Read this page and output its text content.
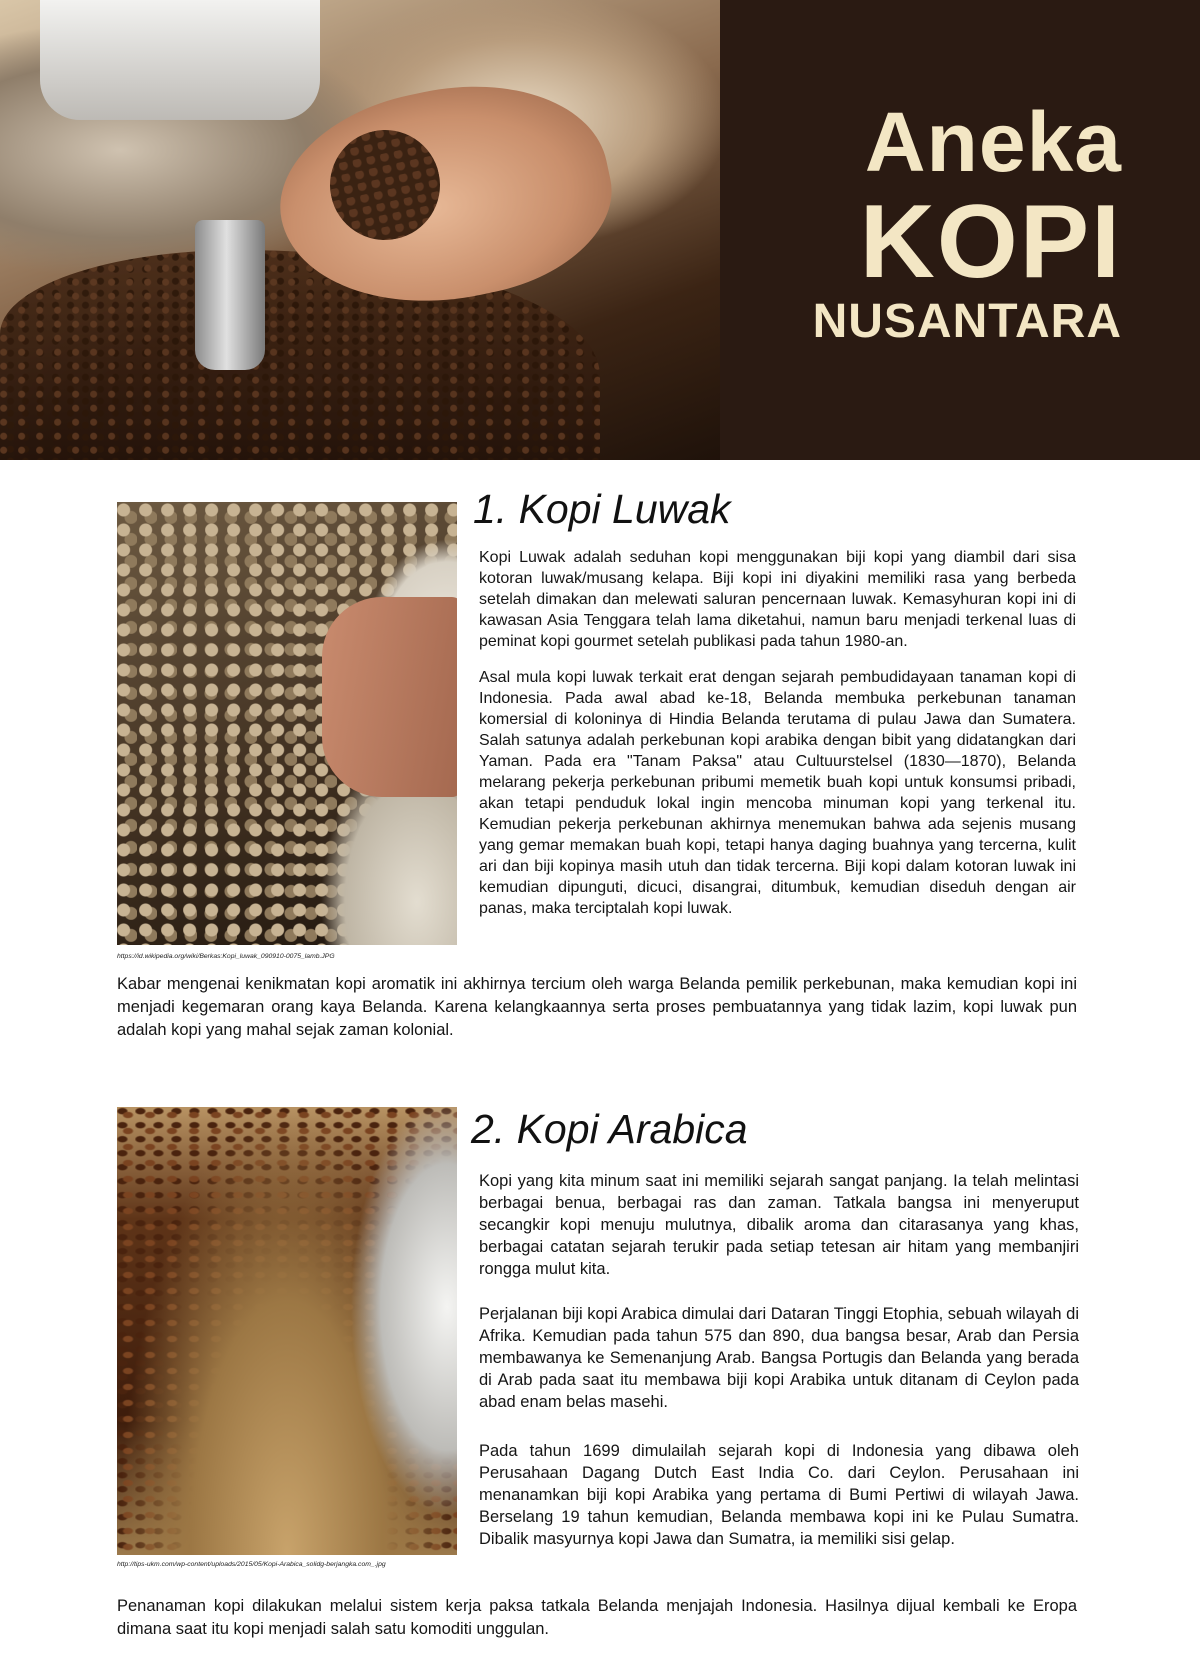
Aneka
KOPI
NUSANTARA

https://id.wikipedia.org/wiki/Berkas:Kopi_luwak_090910-0075_lamb.JPG

1. Kopi Luwak

Kopi Luwak adalah seduhan kopi menggunakan biji kopi yang diambil dari sisa kotoran luwak/musang kelapa. Biji kopi ini diyakini memiliki rasa yang berbeda setelah dimakan dan melewati saluran pencernaan luwak. Kemasyhuran kopi ini di kawasan Asia Tenggara telah lama diketahui, namun baru menjadi terkenal luas di peminat kopi gourmet setelah publikasi pada tahun 1980-an.

Asal mula kopi luwak terkait erat dengan sejarah pembudidayaan tanaman kopi di Indonesia. Pada awal abad ke-18, Belanda membuka perkebunan tanaman komersial di koloninya di Hindia Belanda terutama di pulau Jawa dan Sumatera. Salah satunya adalah perkebunan kopi arabika dengan bibit yang didatangkan dari Yaman. Pada era "Tanam Paksa" atau Cultuurstelsel (1830—1870), Belanda melarang pekerja perkebunan pribumi memetik buah kopi untuk konsumsi pribadi, akan tetapi penduduk lokal ingin mencoba minuman kopi yang terkenal itu. Kemudian pekerja perkebunan akhirnya menemukan bahwa ada sejenis musang yang gemar memakan buah kopi, tetapi hanya daging buahnya yang tercerna, kulit ari dan biji kopinya masih utuh dan tidak tercerna. Biji kopi dalam kotoran luwak ini kemudian dipunguti, dicuci, disangrai, ditumbuk, kemudian diseduh dengan air panas, maka terciptalah kopi luwak.

Kabar mengenai kenikmatan kopi aromatik ini akhirnya tercium oleh warga Belanda pemilik perkebunan, maka kemudian kopi ini menjadi kegemaran orang kaya Belanda. Karena kelangkaannya serta proses pembuatannya yang tidak lazim, kopi luwak pun adalah kopi yang mahal sejak zaman kolonial.

http://tips-ukm.com/wp-content/uploads/2015/05/Kopi-Arabica_solidg-berjangka.com_.jpg

2. Kopi Arabica

Kopi yang kita minum saat ini memiliki sejarah sangat panjang. Ia telah melintasi berbagai benua, berbagai ras dan zaman. Tatkala bangsa ini menyeruput secangkir kopi menuju mulutnya, dibalik aroma dan citarasanya yang khas, berbagai catatan sejarah terukir pada setiap tetesan air hitam yang membanjiri rongga mulut kita.

Perjalanan biji kopi Arabica dimulai dari Dataran Tinggi Etophia, sebuah wilayah di Afrika. Kemudian pada tahun 575 dan 890, dua bangsa besar, Arab dan Persia membawanya ke Semenanjung Arab. Bangsa Portugis dan Belanda yang berada di Arab pada saat itu membawa biji kopi Arabika untuk ditanam di Ceylon pada abad enam belas masehi.

Pada tahun 1699 dimulailah sejarah kopi di Indonesia yang dibawa oleh Perusahaan Dagang Dutch East India Co. dari Ceylon. Perusahaan ini menanamkan biji kopi Arabika yang pertama di Bumi Pertiwi di wilayah Jawa. Berselang 19 tahun kemudian, Belanda membawa kopi ini ke Pulau Sumatra. Dibalik masyurnya kopi Jawa dan Sumatra, ia memiliki sisi gelap.

Penanaman kopi dilakukan melalui sistem kerja paksa tatkala Belanda menjajah Indonesia. Hasilnya dijual kembali ke Eropa dimana saat itu kopi menjadi salah satu komoditi unggulan.
